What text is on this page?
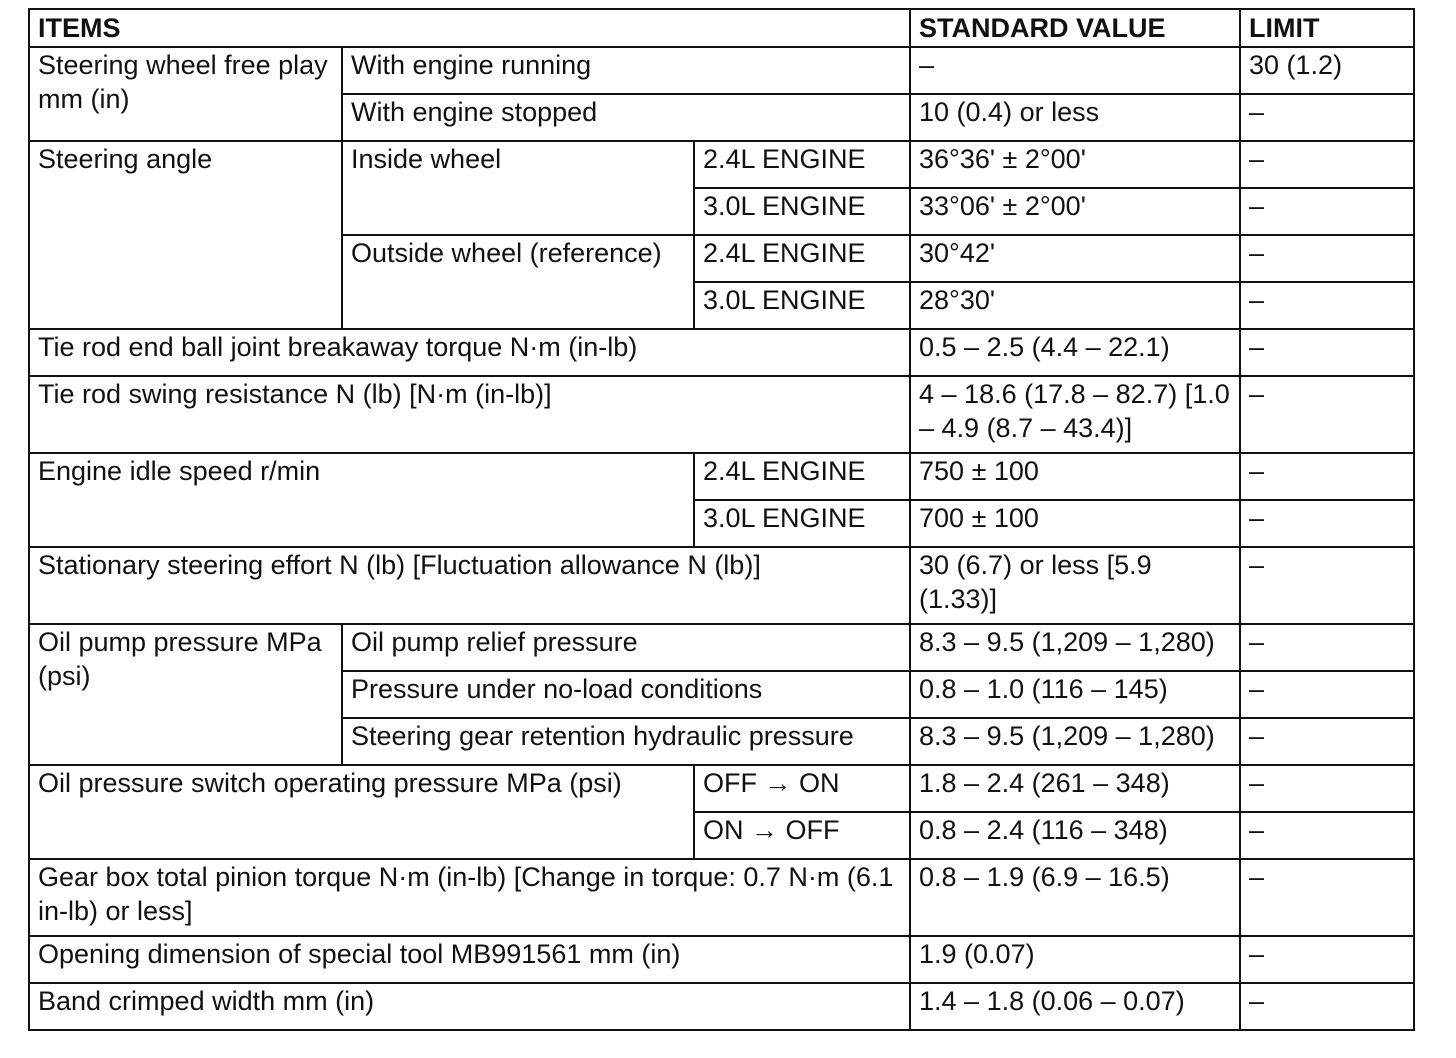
ITEMS			STANDARD VALUE	LIMIT
Steering wheel free play mm (in)	With engine running		–	30 (1.2)
	With engine stopped		10 (0.4) or less	–
Steering angle	Inside wheel	2.4L ENGINE	36°36' ± 2°00'	–
		3.0L ENGINE	33°06' ± 2°00'	–
	Outside wheel (reference)	2.4L ENGINE	30°42'	–
		3.0L ENGINE	28°30'	–
Tie rod end ball joint breakaway torque N·m (in-lb)			0.5 – 2.5 (4.4 – 22.1)	–
Tie rod swing resistance N (lb) [N·m (in-lb)]			4 – 18.6 (17.8 – 82.7) [1.0 – 4.9 (8.7 – 43.4)]	–
Engine idle speed r/min		2.4L ENGINE	750 ± 100	–
		3.0L ENGINE	700 ± 100	–
Stationary steering effort N (lb) [Fluctuation allowance N (lb)]			30 (6.7) or less [5.9 (1.33)]	–
Oil pump pressure MPa (psi)	Oil pump relief pressure		8.3 – 9.5 (1,209 – 1,280)	–
	Pressure under no-load conditions		0.8 – 1.0 (116 – 145)	–
	Steering gear retention hydraulic pressure		8.3 – 9.5 (1,209 – 1,280)	–
Oil pressure switch operating pressure MPa (psi)		OFF → ON	1.8 – 2.4 (261 – 348)	–
		ON → OFF	0.8 – 2.4 (116 – 348)	–
Gear box total pinion torque N·m (in-lb) [Change in torque: 0.7 N·m (6.1 in-lb) or less]			0.8 – 1.9 (6.9 – 16.5)	–
Opening dimension of special tool MB991561 mm (in)			1.9 (0.07)	–
Band crimped width mm (in)			1.4 – 1.8 (0.06 – 0.07)	–
